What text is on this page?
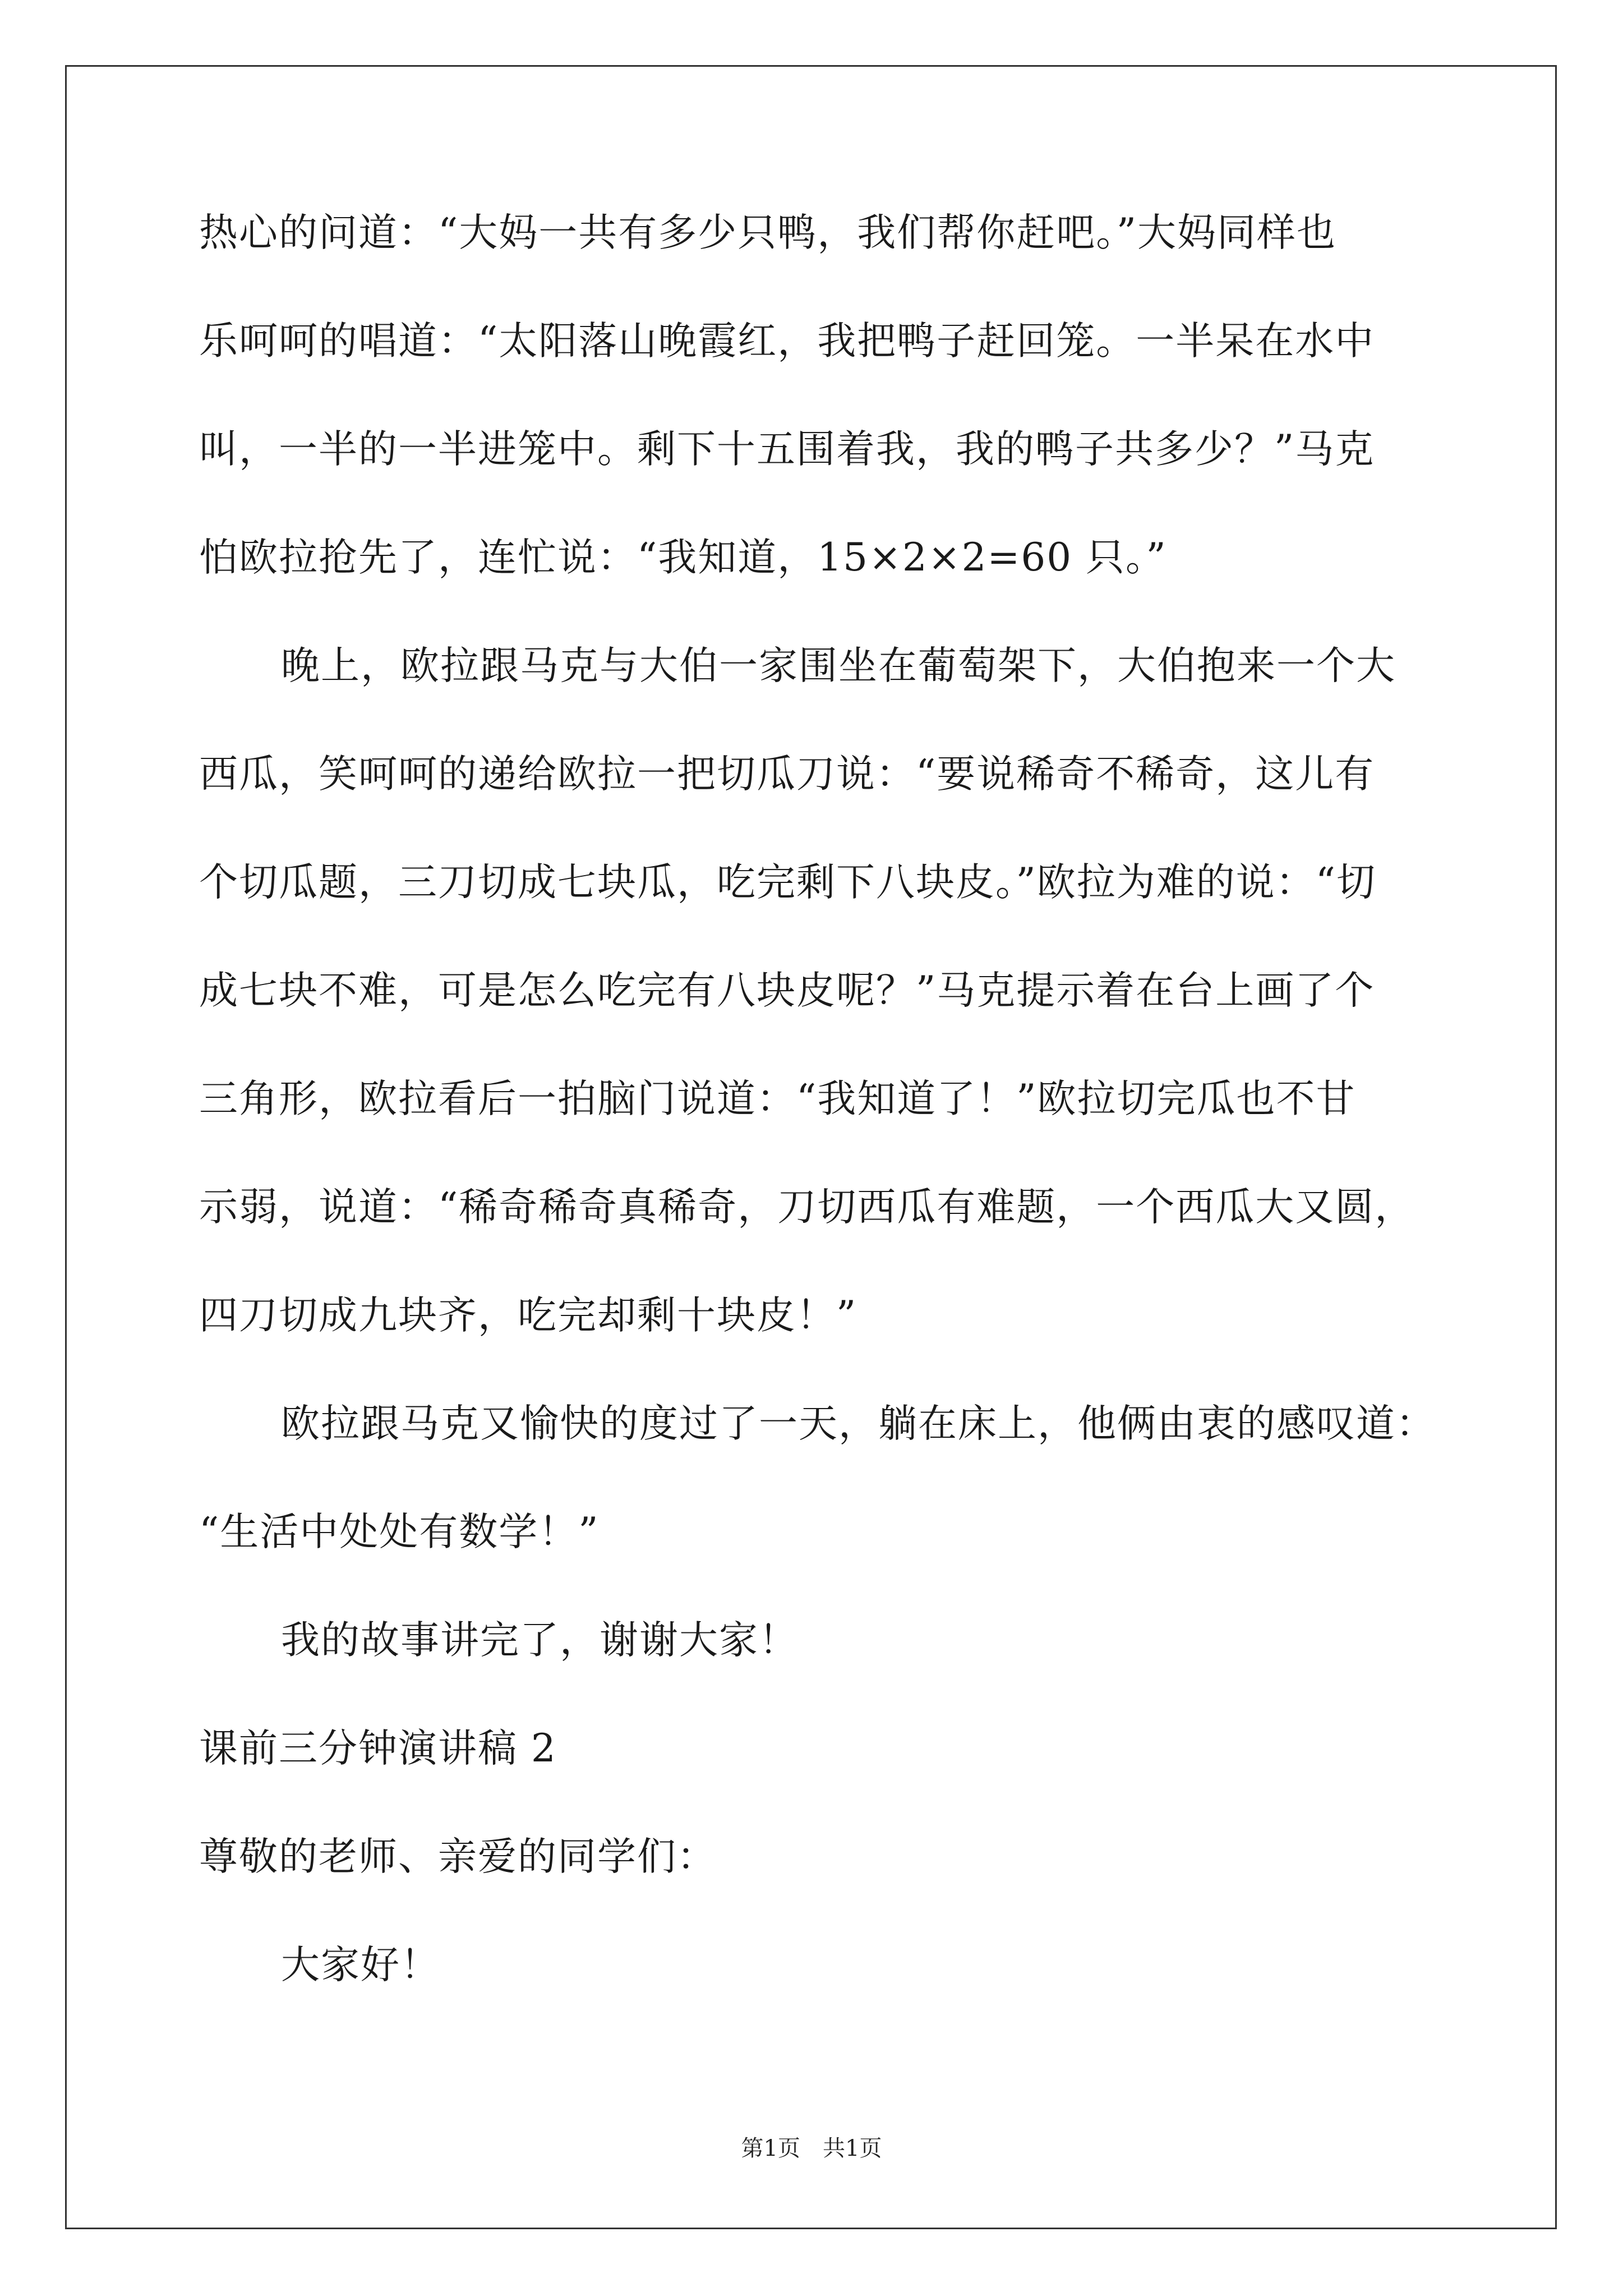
热心的问道：“大妈一共有多少只鸭，我们帮你赶吧。”大妈同样也
乐呵呵的唱道：“太阳落山晚霞红，我把鸭子赶回笼。一半呆在水中
叫，一半的一半进笼中。剩下十五围着我，我的鸭子共多少？”马克
怕欧拉抢先了，连忙说：“我知道，15×2×2=60 只。”
晚上，欧拉跟马克与大伯一家围坐在葡萄架下，大伯抱来一个大
西瓜，笑呵呵的递给欧拉一把切瓜刀说：“要说稀奇不稀奇，这儿有
个切瓜题，三刀切成七块瓜，吃完剩下八块皮。”欧拉为难的说：“切
成七块不难，可是怎么吃完有八块皮呢？”马克提示着在台上画了个
三角形，欧拉看后一拍脑门说道：“我知道了！”欧拉切完瓜也不甘
示弱，说道：“稀奇稀奇真稀奇，刀切西瓜有难题，一个西瓜大又圆，
四刀切成九块齐，吃完却剩十块皮！”
欧拉跟马克又愉快的度过了一天，躺在床上，他俩由衷的感叹道：
“生活中处处有数学！”
我的故事讲完了，谢谢大家！
课前三分钟演讲稿 2
尊敬的老师、亲爱的同学们：
大家好！
第1页　共1页
